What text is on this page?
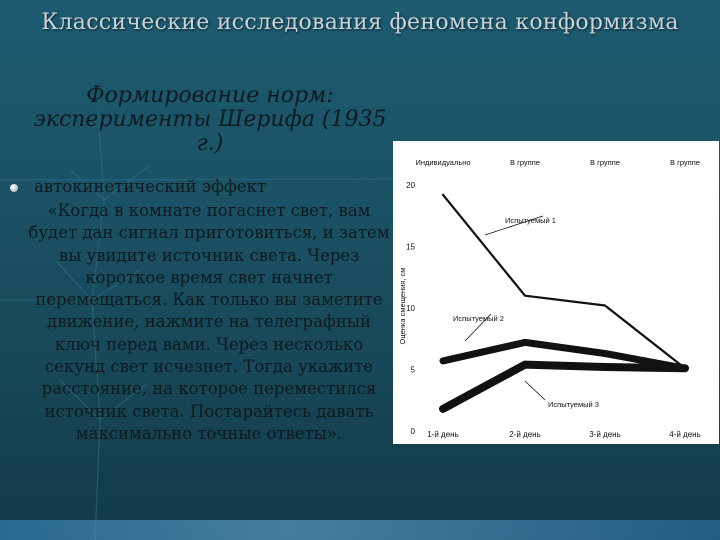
Классические исследования феномена конформизма
Формирование норм: эксперименты Шерифа (1935 г.)
автокинетический эффект
«Когда в комнате погаснет свет, вам будет дан сигнал приготовиться, и затем вы увидите источник света. Через короткое время свет начнет перемещаться. Как только вы заметите движение, нажмите на телеграфный ключ перед вами. Через несколько секунд свет исчезнет. Тогда укажите расстояние, на которое переместился источник света. Постарайтесь давать максимально точные ответы».	0
5
10
15
20
Оценка смещения, см
Индивидуально	В группе	В группе	В группе
1-й день	2-й день	3-й день	4-й день
Испытуемый 1
Испытуемый 2
Испытуемый 3
